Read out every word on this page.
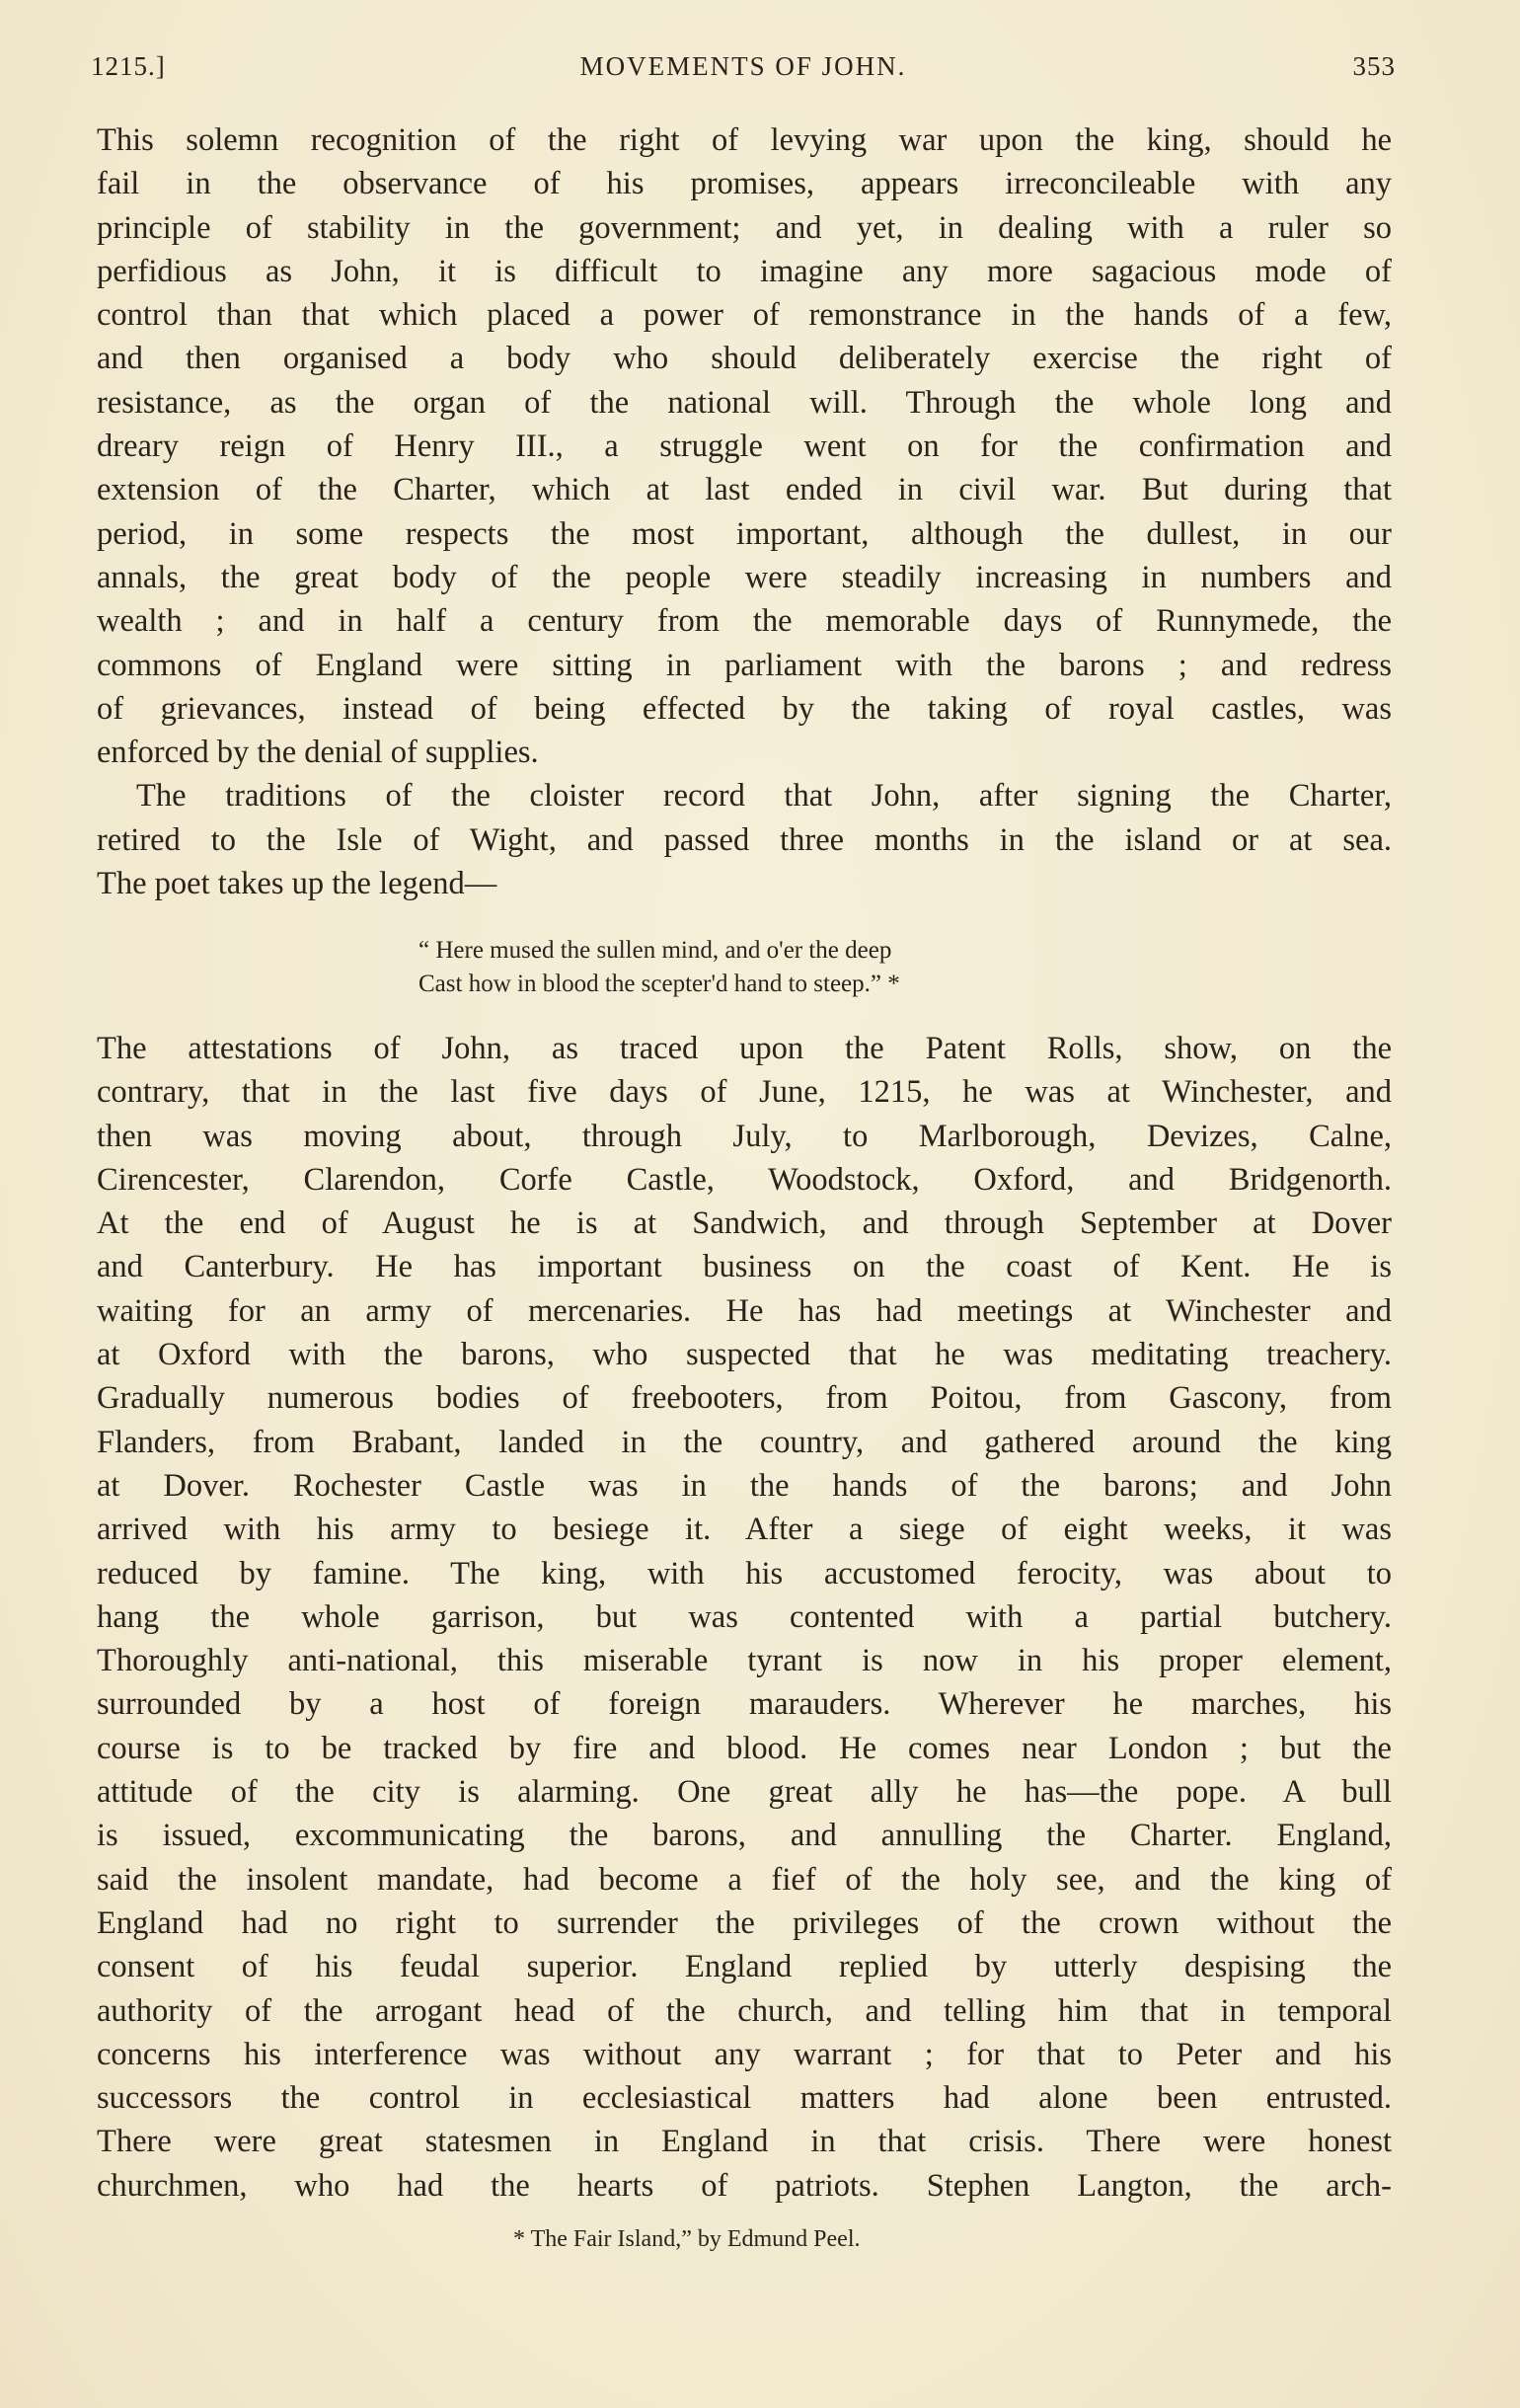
1215.]	MOVEMENTS OF JOHN.	353
This solemn recognition of the right of levying war upon the king, should he
fail in the observance of his promises, appears irreconcileable with any
principle of stability in the government; and yet, in dealing with a ruler so
perfidious as John, it is difficult to imagine any more sagacious mode of
control than that which placed a power of remonstrance in the hands of a few,
and then organised a body who should deliberately exercise the right of
resistance, as the organ of the national will. Through the whole long and
dreary reign of Henry III., a struggle went on for the confirmation and
extension of the Charter, which at last ended in civil war. But during that
period, in some respects the most important, although the dullest, in our
annals, the great body of the people were steadily increasing in numbers and
wealth ; and in half a century from the memorable days of Runnymede, the
commons of England were sitting in parliament with the barons ; and redress
of grievances, instead of being effected by the taking of royal castles, was
enforced by the denial of supplies.
The traditions of the cloister record that John, after signing the Charter,
retired to the Isle of Wight, and passed three months in the island or at sea.
The poet takes up the legend—
“ Here mused the sullen mind, and o'er the deep
Cast how in blood the scepter'd hand to steep.” *
The attestations of John, as traced upon the Patent Rolls, show, on the
contrary, that in the last five days of June, 1215, he was at Winchester, and
then was moving about, through July, to Marlborough, Devizes, Calne,
Cirencester, Clarendon, Corfe Castle, Woodstock, Oxford, and Bridgenorth.
At the end of August he is at Sandwich, and through September at Dover
and Canterbury. He has important business on the coast of Kent. He is
waiting for an army of mercenaries. He has had meetings at Winchester and
at Oxford with the barons, who suspected that he was meditating treachery.
Gradually numerous bodies of freebooters, from Poitou, from Gascony, from
Flanders, from Brabant, landed in the country, and gathered around the king
at Dover. Rochester Castle was in the hands of the barons; and John
arrived with his army to besiege it. After a siege of eight weeks, it was
reduced by famine. The king, with his accustomed ferocity, was about to
hang the whole garrison, but was contented with a partial butchery.
Thoroughly anti-national, this miserable tyrant is now in his proper element,
surrounded by a host of foreign marauders. Wherever he marches, his
course is to be tracked by fire and blood. He comes near London ; but the
attitude of the city is alarming. One great ally he has—the pope. A bull
is issued, excommunicating the barons, and annulling the Charter. England,
said the insolent mandate, had become a fief of the holy see, and the king of
England had no right to surrender the privileges of the crown without the
consent of his feudal superior. England replied by utterly despising the
authority of the arrogant head of the church, and telling him that in temporal
concerns his interference was without any warrant ; for that to Peter and his
successors the control in ecclesiastical matters had alone been entrusted.
There were great statesmen in England in that crisis. There were honest
churchmen, who had the hearts of patriots. Stephen Langton, the arch-
* The Fair Island,” by Edmund Peel.
